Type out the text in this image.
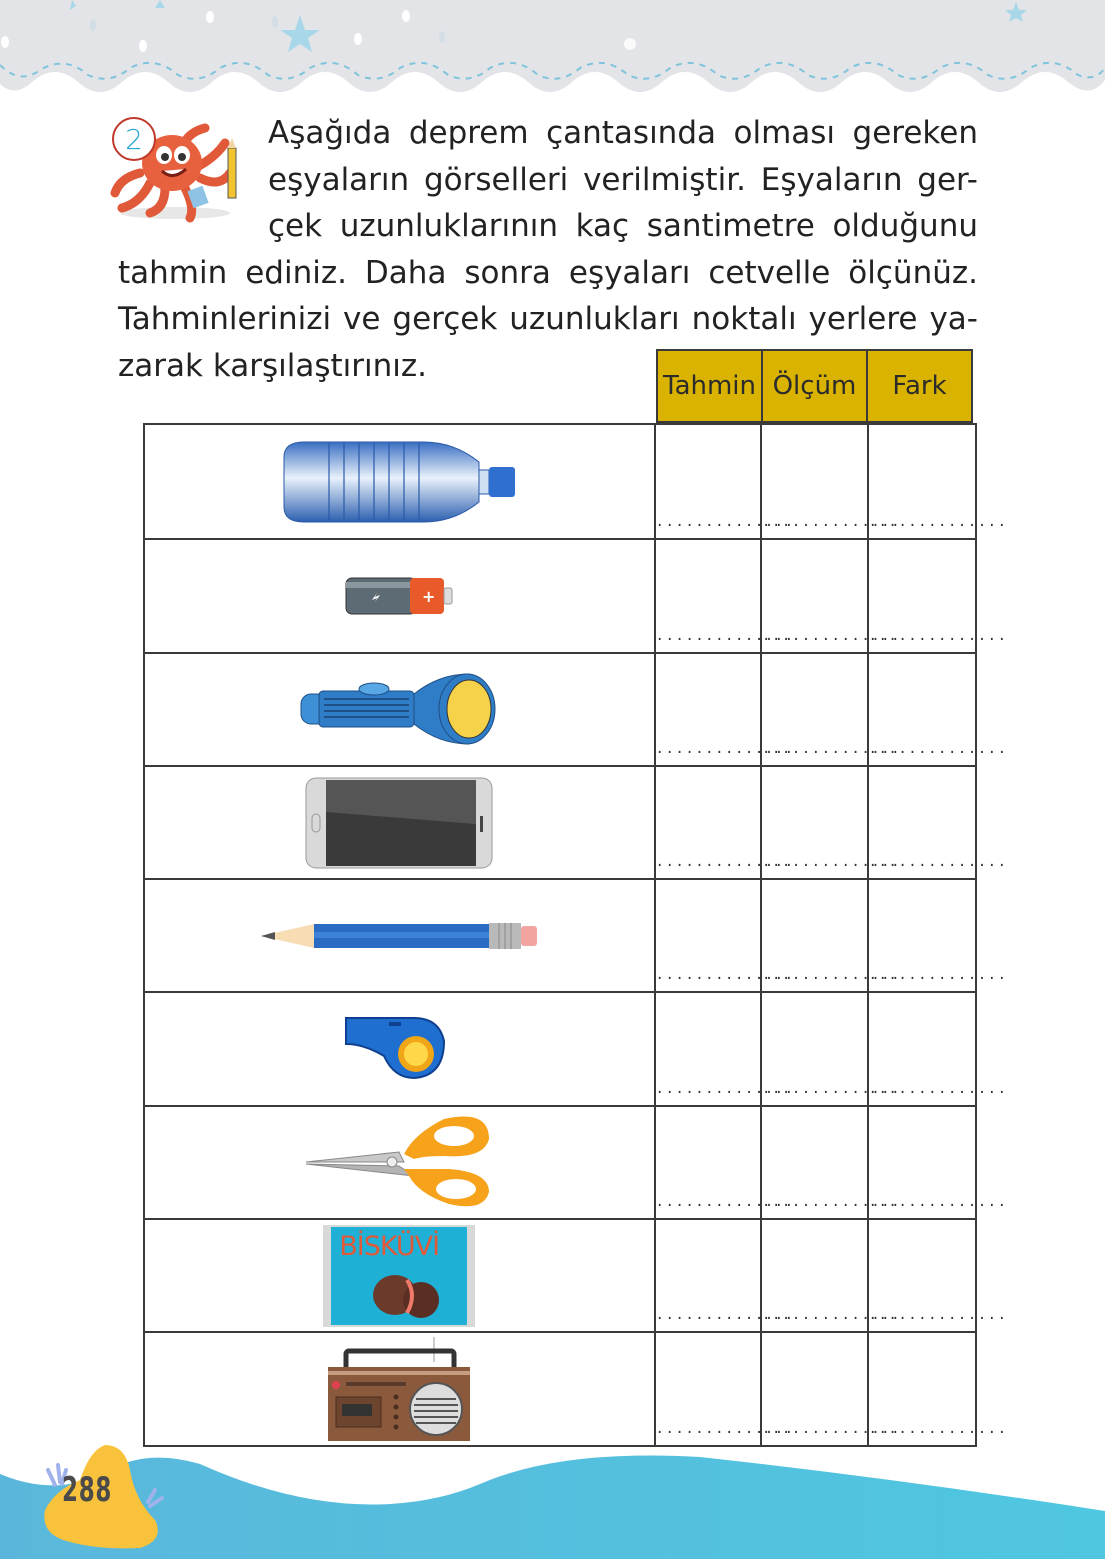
2	Aşağıda deprem çantasında olması gereken
eşyaların görselleri verilmiştir. Eşyaların ger-
çek uzunluklarının kaç santimetre olduğunu
tahmin ediniz. Daha sonra eşyaları cetvelle ölçünüz.
Tahminlerinizi ve gerçek uzunlukları noktalı yerlere ya-
zarak karşılaştırınız.
Tahmin Ölçüm	Fark
..............
..............
..............
+
..............
..............
..............
..............
..............
..............
..............
..............
..............
..............
..............
..............
..............
..............
..............
..............
..............
..............
BİSKÜVİ
..............
..............
..............
..............
..............
..............
288
